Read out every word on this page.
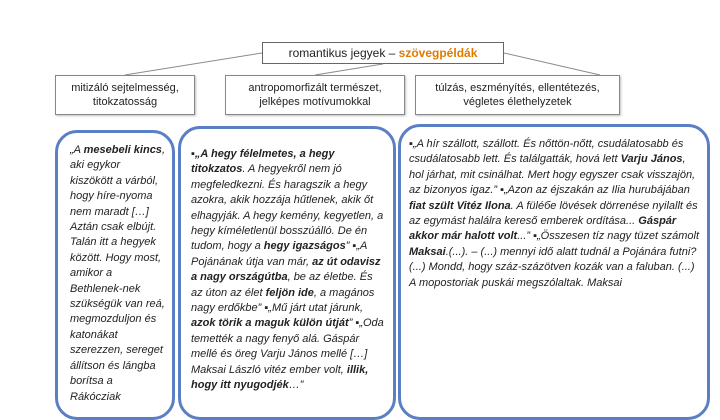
romantikus jegyek – szövegpéldák
mitizáló sejtelmesség, titokzatosság
antropomorfizált természet, jelképes motívumokkal
túlzás, eszményítés, ellentétezés, végletes élethelyzetek

„A mesebeli kincs, aki egykor kiszökött a várból, hogy híre-nyoma nem maradt […] Aztán csak elbújt. Talán itt a hegyek között. Hogy most, amikor a Bethlenek-nek szükségük van reá, megmozduljon és katonákat szerezzen, sereget állítson és lángba borítsa a Rákócziak

▪„A hegy félelmetes, a hegy titokzatos. A hegyekről nem jó megfeledkezni. És haragszik a hegy azokra, akik hozzája hűtlenek, akik őt elhagyják. A hegy kemény, kegyetlen, a hegy kíméletlenül bosszúálló. De én tudom, hogy a hegy igazságos” ▪„A Pojánának útja van már, az út odavisz a nagy országútba, be az életbe. És az úton az élet feljön ide, a magános nagy erdőkbe” ▪„Mű járt utat járunk, azok törik a maguk külön útját” ▪„Oda temették a nagy fenyő alá. Gáspár mellé és öreg Varju János mellé […] Maksai László vitéz ember volt, illik, hogy itt nyugodjék…”

▪„A hír szállott, szállott. És nőttön-nőtt, csudálatosabb és csudálatosabb lett. És találgatták, hová lett Varju János, hol járhat, mit csinálhat. Mert hogy egyszer csak visszajön, az bizonyos igaz.” ▪„Azon az éjszakán az Ilia hurubájában fiat szült Vitéz Ilona. A füléбe lövések dörrenése nyilallt és az egymást halálra kereső emberek ordítása... Gáspár akkor már halott volt...” ▪„Összesen tíz nagy tüzet számolt Maksai.(...). – (...) mennyi idő alatt tudnál a Pojánára futni? (...) Mondd, hogy száz-százötven kozák van a faluban. (...) A mopostoriak puskái megszólaltak. Maksai
